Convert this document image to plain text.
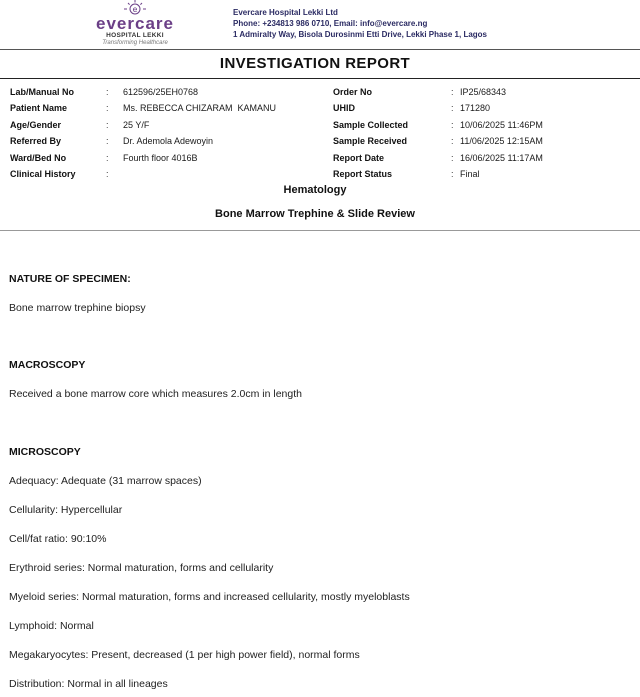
e
evercare
HOSPITAL LEKKI
Transforming Healthcare
Evercare Hospital Lekki Ltd
Phone: +234813 986 0710, Email: info@evercare.ng
1 Admiralty Way, Bisola Durosinmi Etti Drive, Lekki Phase 1, Lagos
INVESTIGATION REPORT
Lab/Manual No	:	612596/25EH0768
Patient Name	:	Ms. REBECCA CHIZARAM  KAMANU
Age/Gender	:	25 Y/F
Referred By	:	Dr. Ademola Adewoyin
Ward/Bed No	:	Fourth floor 4016B
Clinical History	:
Order No	: IP25/68343
UHID	: 171280
Sample Collected	: 10/06/2025 11:46PM
Sample Received	: 11/06/2025 12:15AM
Report Date	: 16/06/2025 11:17AM
Report Status	: Final
Hematology
Bone Marrow Trephine & Slide Review
NATURE OF SPECIMEN:
Bone marrow trephine biopsy
MACROSCOPY
Received a bone marrow core which measures 2.0cm in length
MICROSCOPY
Adequacy: Adequate (31 marrow spaces)
Cellularity: Hypercellular
Cell/fat ratio: 90:10%
Erythroid series: Normal maturation, forms and cellularity
Myeloid series: Normal maturation, forms and increased cellularity, mostly myeloblasts
Lymphoid: Normal
Megakaryocytes: Present, decreased (1 per high power field), normal forms
Distribution: Normal in all lineages
